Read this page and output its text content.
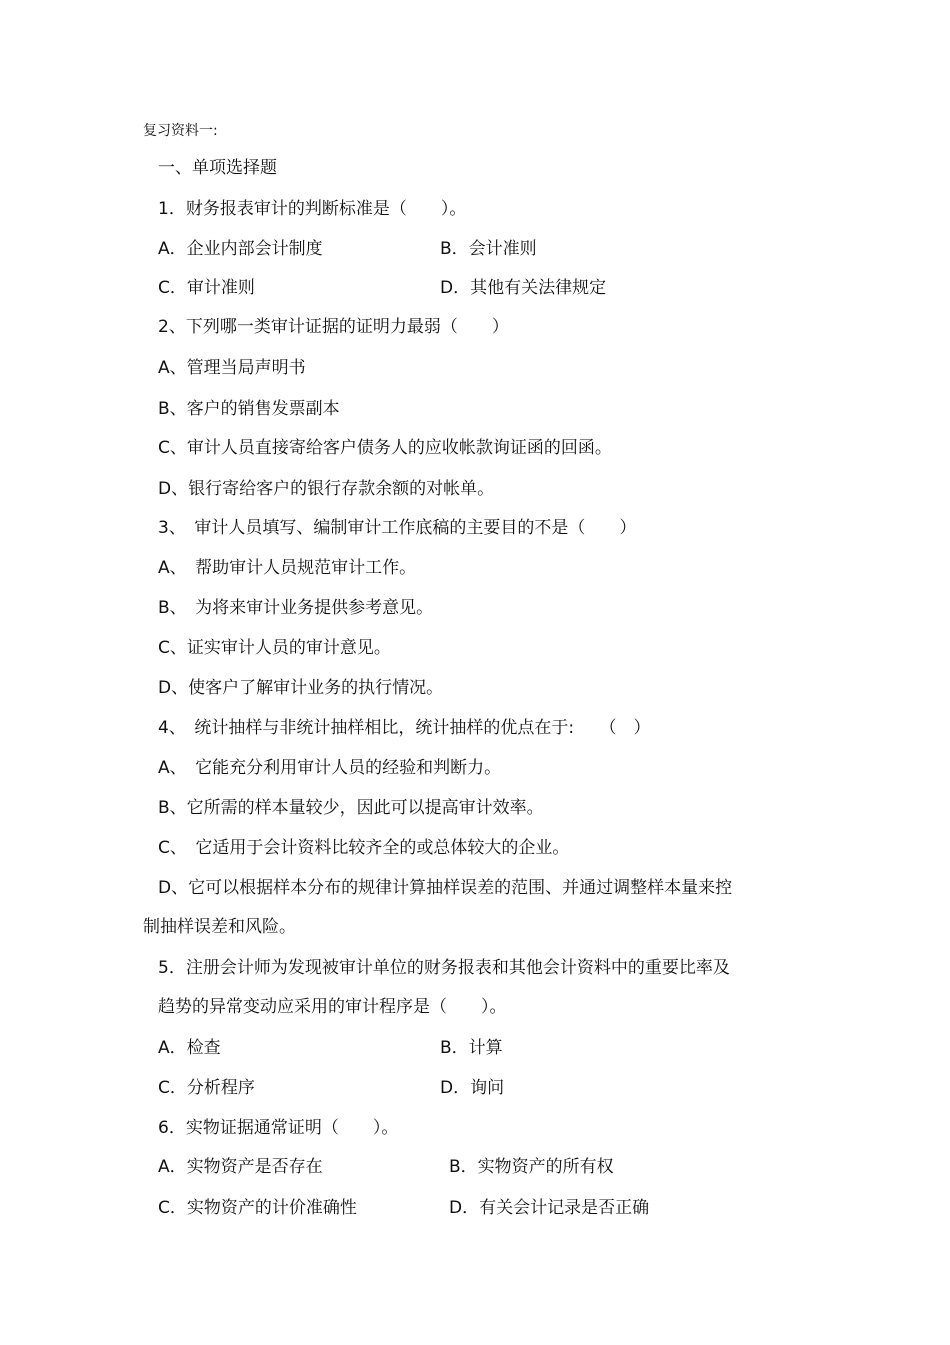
复习资料一:
一、单项选择题
1．财务报表审计的判断标准是（　　）。
A．企业内部会计制度	B．会计准则
C．审计准则	D．其他有关法律规定
2、下列哪一类审计证据的证明力最弱（　　）
A、管理当局声明书
B、客户的销售发票副本
C、审计人员直接寄给客户债务人的应收帐款询证函的回函。
D、银行寄给客户的银行存款余额的对帐单。
3、　审计人员填写、编制审计工作底稿的主要目的不是（　　）
A、　帮助审计人员规范审计工作。
B、　为将来审计业务提供参考意见。
C、证实审计人员的审计意见。
D、使客户了解审计业务的执行情况。
4、　统计抽样与非统计抽样相比，统计抽样的优点在于:　　（　）
A、　它能充分利用审计人员的经验和判断力。
B、它所需的样本量较少，因此可以提高审计效率。
C、　它适用于会计资料比较齐全的或总体较大的企业。
D、它可以根据样本分布的规律计算抽样误差的范围、并通过调整样本量来控
制抽样误差和风险。
5．注册会计师为发现被审计单位的财务报表和其他会计资料中的重要比率及
趋势的异常变动应采用的审计程序是（　　）。
A．检查	B．计算
C．分析程序	D．询问
6．实物证据通常证明（　　）。
A．实物资产是否存在	B．实物资产的所有权
C．实物资产的计价准确性	D．有关会计记录是否正确
